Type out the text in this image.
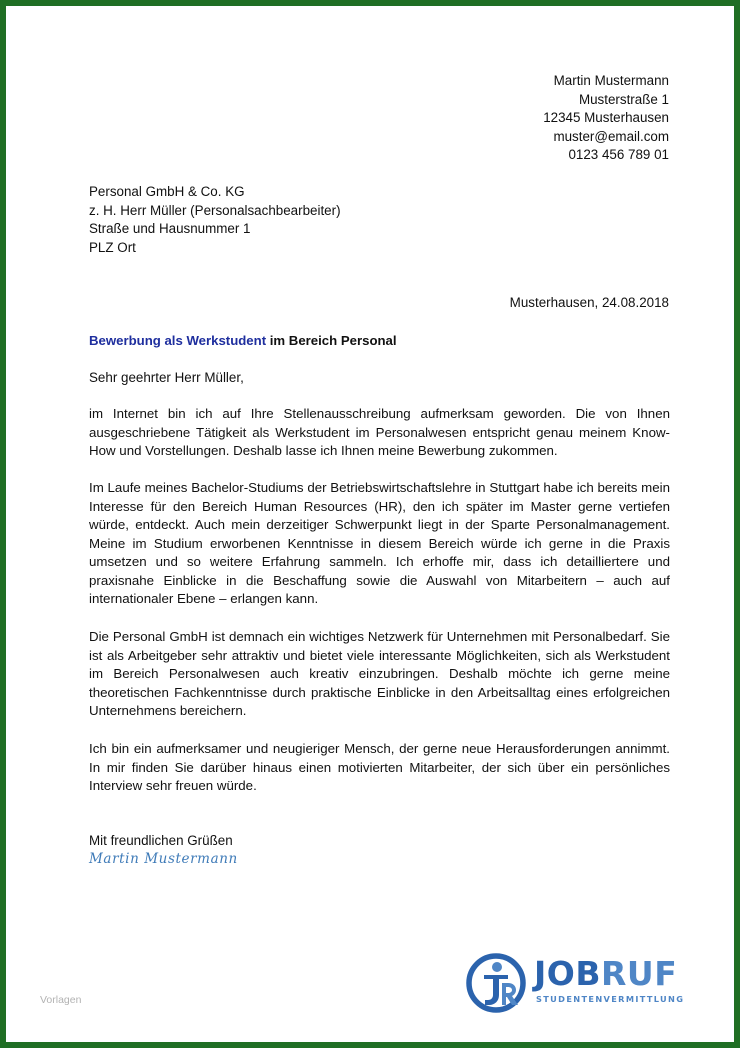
Martin Mustermann
Musterstraße 1
12345 Musterhausen
muster@email.com
0123 456 789 01
Personal GmbH & Co. KG
z. H. Herr Müller (Personalsachbearbeiter)
Straße und Hausnummer 1
PLZ Ort
Musterhausen, 24.08.2018
Bewerbung als Werkstudent im Bereich Personal
Sehr geehrter Herr Müller,

im Internet bin ich auf Ihre Stellenausschreibung aufmerksam geworden. Die von Ihnen ausgeschriebene Tätigkeit als Werkstudent im Personalwesen entspricht genau meinem Know-How und Vorstellungen. Deshalb lasse ich Ihnen meine Bewerbung zukommen.

Im Laufe meines Bachelor-Studiums der Betriebswirtschaftslehre in Stuttgart habe ich bereits mein Interesse für den Bereich Human Resources (HR), den ich später im Master gerne vertiefen würde, entdeckt. Auch mein derzeitiger Schwerpunkt liegt in der Sparte Personalmanagement. Meine im Studium erworbenen Kenntnisse in diesem Bereich würde ich gerne in die Praxis umsetzen und so weitere Erfahrung sammeln. Ich erhoffe mir, dass ich detailliertere und praxisnahe Einblicke in die Beschaffung sowie die Auswahl von Mitarbeitern – auch auf internationaler Ebene – erlangen kann.

Die Personal GmbH ist demnach ein wichtiges Netzwerk für Unternehmen mit Personalbedarf. Sie ist als Arbeitgeber sehr attraktiv und bietet viele interessante Möglichkeiten, sich als Werkstudent im Bereich Personalwesen auch kreativ einzubringen. Deshalb möchte ich gerne meine theoretischen Fachkenntnisse durch praktische Einblicke in den Arbeitsalltag eines erfolgreichen Unternehmens bereichern.

Ich bin ein aufmerksamer und neugieriger Mensch, der gerne neue Herausforderungen annimmt. In mir finden Sie darüber hinaus einen motivierten Mitarbeiter, der sich über ein persönliches Interview sehr freuen würde.

Mit freundlichen Grüßen
Martin Mustermann
Vorlagen
JOBRUF
STUDENTENVERMITTLUNG
